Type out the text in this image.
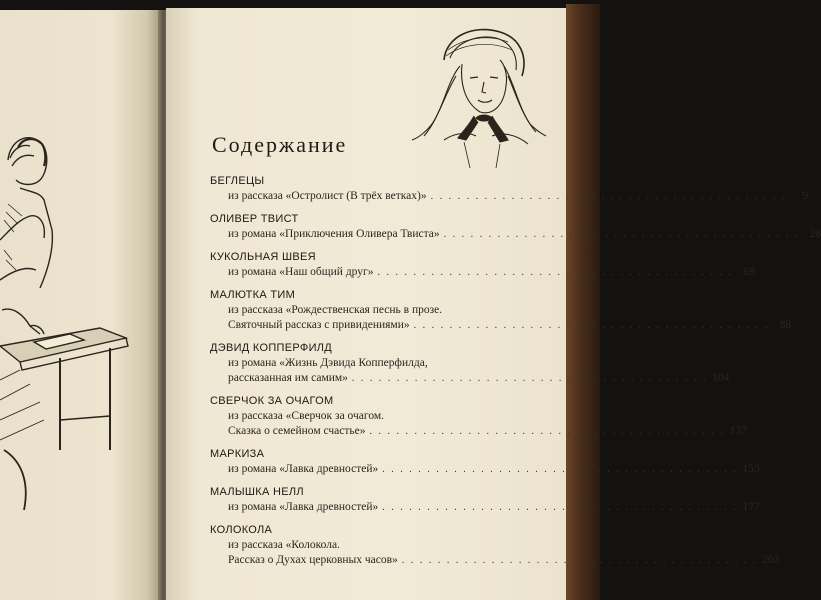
Содержание
БЕГЛЕЦЫ
из рассказа «Остролист (В трёх ветках)» . . . . . . . . . . . . . . . . . . . . . . . . . . . . . . . . . . . . . . . .	9
ОЛИВЕР ТВИСТ
из романа «Приключения Оливера Твиста» . . . . . . . . . . . . . . . . . . . . . . . . . . . . . . . . . . . . . . . . 28
КУКОЛЬНАЯ ШВЕЯ
из романа «Наш общий друг» . . . . . . . . . . . . . . . . . . . . . . . . . . . . . . . . . . . . . . . . 69
МАЛЮТКА ТИМ
из рассказа «Рождественская песнь в прозе.
Святочный рассказ с привидениями» . . . . . . . . . . . . . . . . . . . . . . . . . . . . . . . . . . . . . . . . 88
ДЭВИД КОППЕРФИЛД
из романа «Жизнь Дэвида Копперфилда,
рассказанная им самим» . . . . . . . . . . . . . . . . . . . . . . . . . . . . . . . . . . . . . . . . 104
СВЕРЧОК ЗА ОЧАГОМ
из рассказа «Сверчок за очагом.
Сказка о семейном счастье» . . . . . . . . . . . . . . . . . . . . . . . . . . . . . . . . . . . . . . . . 137
МАРКИЗА
из романа «Лавка древностей» . . . . . . . . . . . . . . . . . . . . . . . . . . . . . . . . . . . . . . . . 153
МАЛЫШКА НЕЛЛ
из романа «Лавка древностей» . . . . . . . . . . . . . . . . . . . . . . . . . . . . . . . . . . . . . . . . 177
КОЛОКОЛА
из рассказа «Колокола.
Рассказ о Духах церковных часов» . . . . . . . . . . . . . . . . . . . . . . . . . . . . . . . . . . . . . . . . 203
